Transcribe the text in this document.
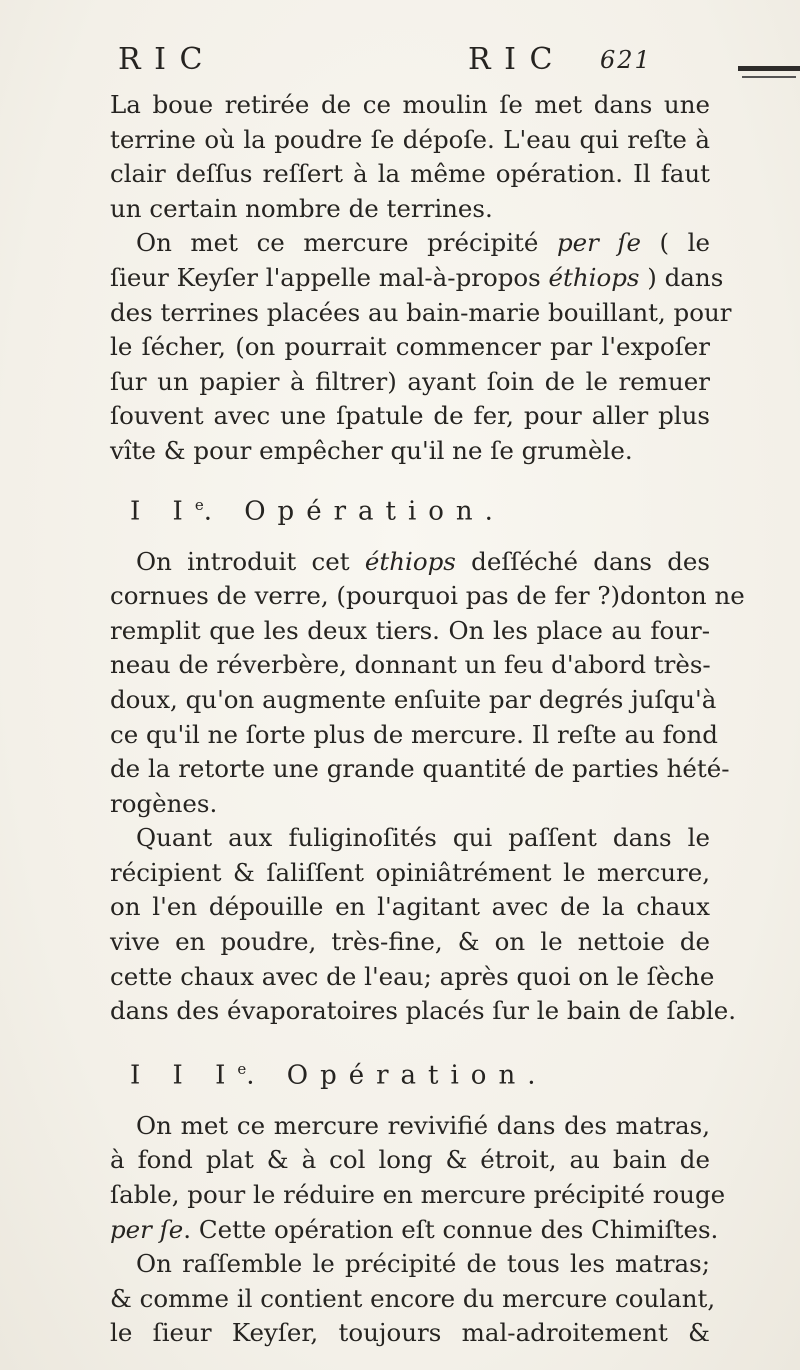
R I C	R I C 621
La boue retirée de ce moulin ſe met dans une
terrine où la poudre ſe dépoſe. L'eau qui reſte à
clair deſſus reſſert à la même opération. Il faut
un certain nombre de terrines.
On met ce mercure précipité per ſe ( le
ſieur Keyſer l'appelle mal-à-propos éthiops ) dans
des terrines placées au bain-marie bouillant, pour
le ſécher, (on pourrait commencer par l'expoſer
ſur un papier à filtrer) ayant ſoin de le remuer
ſouvent avec une ſpatule de fer, pour aller plus
vîte & pour empêcher qu'il ne ſe grumèle.
I Ie. Opération.
On introduit cet éthiops deſſéché dans des
cornues de verre, (pourquoi pas de fer ?)donton ne
remplit que les deux tiers. On les place au four-
neau de réverbère, donnant un feu d'abord très-
doux, qu'on augmente enſuite par degrés juſqu'à
ce qu'il ne ſorte plus de mercure. Il reſte au fond
de la retorte une grande quantité de parties hété-
rogènes.
Quant aux fuliginoſités qui paſſent dans le
récipient & ſaliſſent opiniâtrément le mercure,
on l'en dépouille en l'agitant avec de la chaux
vive en poudre, très-fine, & on le nettoie de
cette chaux avec de l'eau; après quoi on le ſèche
dans des évaporatoires placés ſur le bain de ſable.
I I Ie. Opération.
On met ce mercure revivifié dans des matras,
à fond plat & à col long & étroit, au bain de
ſable, pour le réduire en mercure précipité rouge
per ſe. Cette opération eſt connue des Chimiſtes.
On raſſemble le précipité de tous les matras;
& comme il contient encore du mercure coulant,
le ſieur Keyſer, toujours mal-adroitement &
